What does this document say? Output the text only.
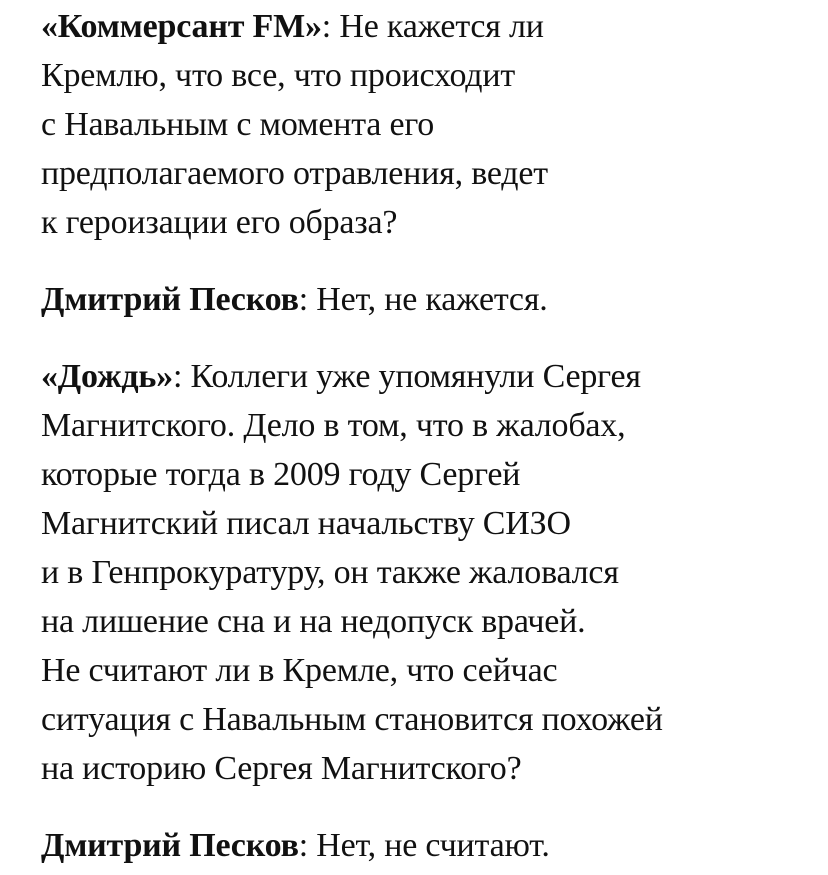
«Коммерсант FM»: Не кажется ли
Кремлю, что все, что происходит
с Навальным с момента его
предполагаемого отравления, ведет
к героизации его образа?

Дмитрий Песков: Нет, не кажется.

«Дождь»: Коллеги уже упомянули Сергея
Магнитского. Дело в том, что в жалобах,
которые тогда в 2009 году Сергей
Магнитский писал начальству СИЗО
и в Генпрокуратуру, он также жаловался
на лишение сна и на недопуск врачей.
Не считают ли в Кремле, что сейчас
ситуация с Навальным становится похожей
на историю Сергея Магнитского?

Дмитрий Песков: Нет, не считают.
